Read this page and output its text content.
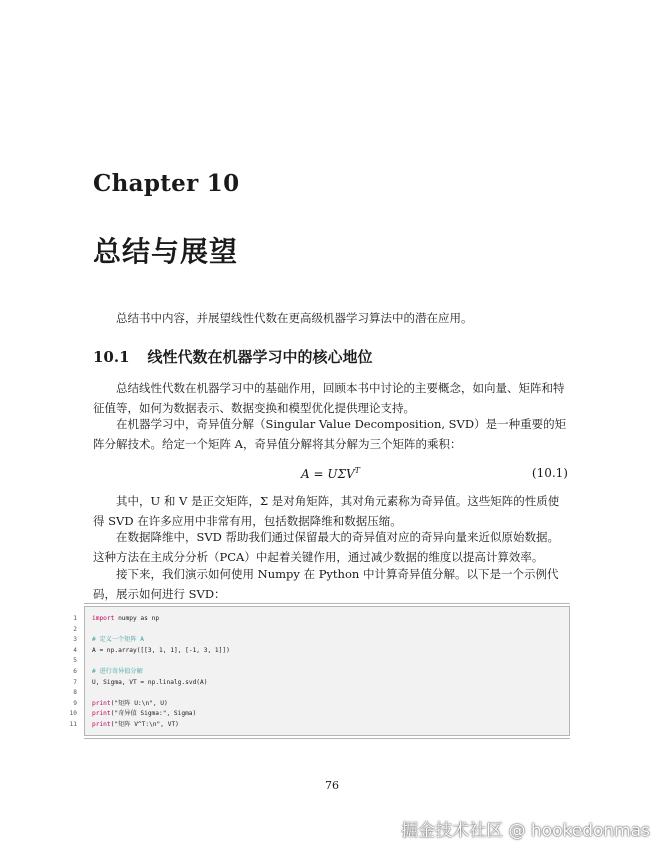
Chapter 10
总结与展望
总结书中内容，并展望线性代数在更高级机器学习算法中的潜在应用。
10.1 线性代数在机器学习中的核心地位
总结线性代数在机器学习中的基础作用，回顾本书中讨论的主要概念，如向量、矩阵和特征值等，如何为数据表示、数据变换和模型优化提供理论支持。
在机器学习中，奇异值分解（Singular Value Decomposition, SVD）是一种重要的矩阵分解技术。给定一个矩阵 A，奇异值分解将其分解为三个矩阵的乘积：
$A = U\Sigma V^T$	(10.1)
其中，U 和 V 是正交矩阵，Σ 是对角矩阵，其对角元素称为奇异值。这些矩阵的性质使得 SVD 在许多应用中非常有用，包括数据降维和数据压缩。
在数据降维中，SVD 帮助我们通过保留最大的奇异值对应的奇异向量来近似原始数据。这种方法在主成分分析（PCA）中起着关键作用，通过减少数据的维度以提高计算效率。
接下来，我们演示如何使用 Numpy 在 Python 中计算奇异值分解。以下是一个示例代码，展示如何进行 SVD：
1 import numpy as np
2
3 # 定义一个矩阵 A
4 A = np.array([[3, 1, 1], [-1, 3, 1]])
5
6 # 进行奇异值分解
7 U, Sigma, VT = np.linalg.svd(A)
8
9 print("矩阵 U:\n", U)
10 print("奇异值 Sigma:", Sigma)
11 print("矩阵 V^T:\n", VT)
76
掘金技术社区 @ hookedonmas
